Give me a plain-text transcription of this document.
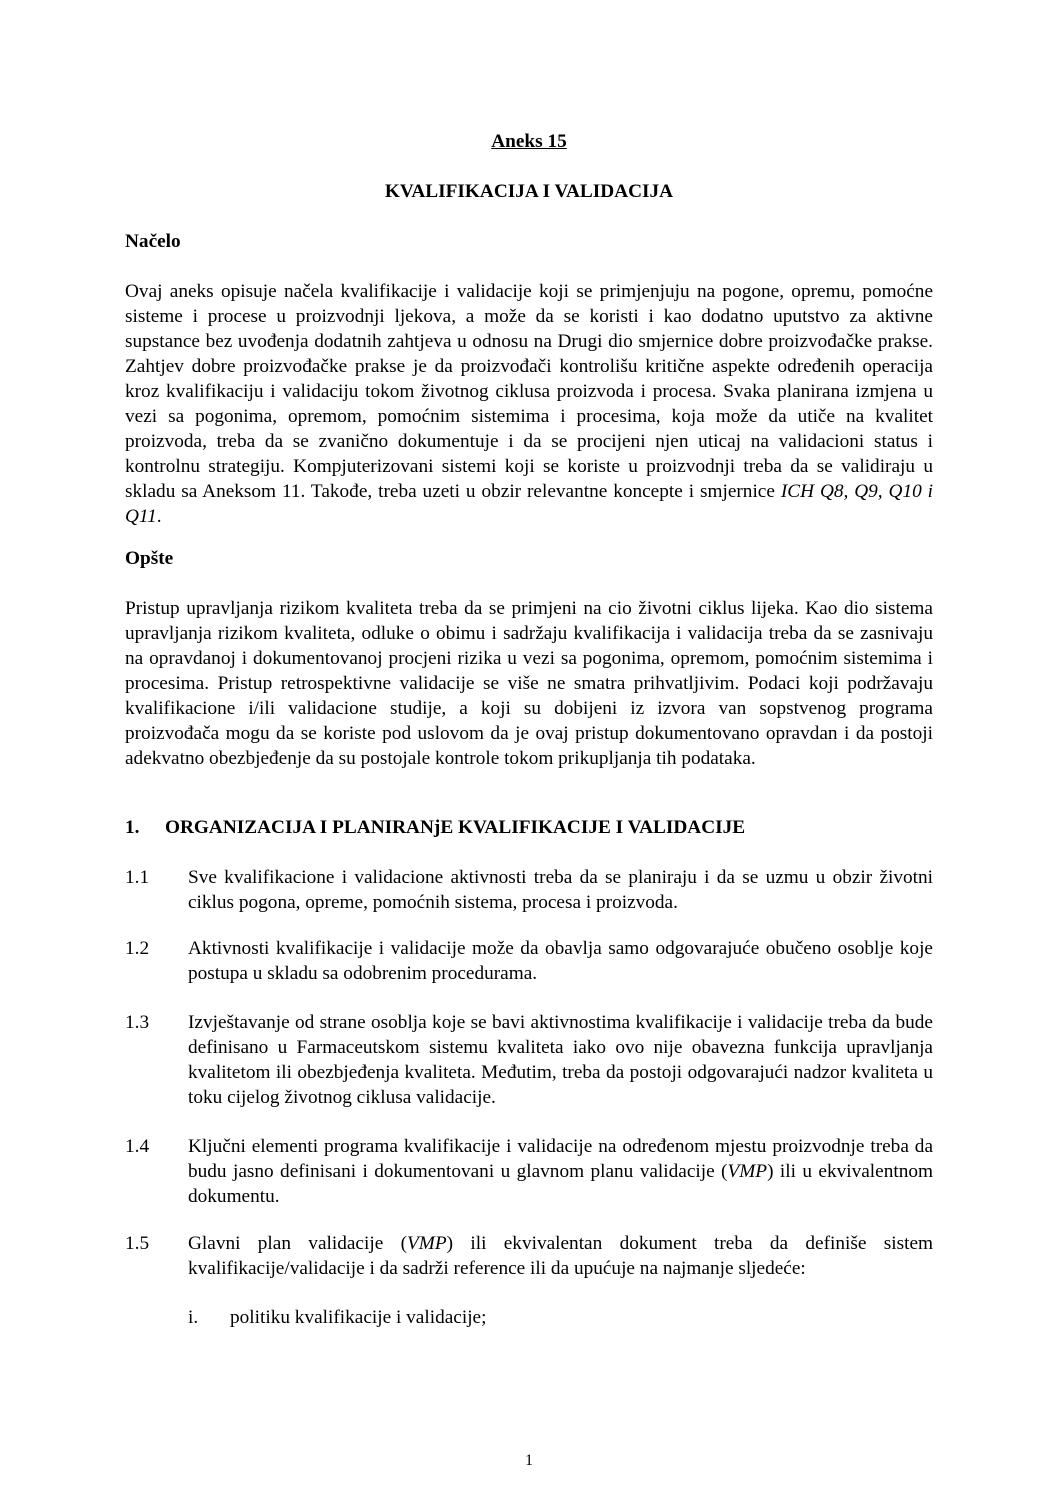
Aneks 15
KVALIFIKACIJA I VALIDACIJA
Načelo
Ovaj aneks opisuje načela kvalifikacije i validacije koji se primjenjuju na pogone, opremu, pomoćne sisteme i procese u proizvodnji ljekova, a može da se koristi i kao dodatno uputstvo za aktivne supstance bez uvođenja dodatnih zahtjeva u odnosu na Drugi dio smjernice dobre proizvođačke prakse. Zahtjev dobre proizvođačke prakse je da proizvođači kontrolišu kritične aspekte određenih operacija kroz kvalifikaciju i validaciju tokom životnog ciklusa proizvoda i procesa. Svaka planirana izmjena u vezi sa pogonima, opremom, pomoćnim sistemima i procesima, koja može da utiče na kvalitet proizvoda, treba da se zvanično dokumentuje i da se procijeni njen uticaj na validacioni status i kontrolnu strategiju. Kompjuterizovani sistemi koji se koriste u proizvodnji treba da se validiraju u skladu sa Aneksom 11. Takođe, treba uzeti u obzir relevantne koncepte i smjernice ICH Q8, Q9, Q10 i Q11.
Opšte
Pristup upravljanja rizikom kvaliteta treba da se primjeni na cio životni ciklus lijeka. Kao dio sistema upravljanja rizikom kvaliteta, odluke o obimu i sadržaju kvalifikacija i validacija treba da se zasnivaju na opravdanoj i dokumentovanoj procjeni rizika u vezi sa pogonima, opremom, pomoćnim sistemima i procesima. Pristup retrospektivne validacije se više ne smatra prihvatljivim. Podaci koji podržavaju kvalifikacione i/ili validacione studije, a koji su dobijeni iz izvora van sopstvenog programa proizvođača mogu da se koriste pod uslovom da je ovaj pristup dokumentovano opravdan i da postoji adekvatno obezbjeđenje da su postojale kontrole tokom prikupljanja tih podataka.
1. ORGANIZACIJA I PLANIRANjE KVALIFIKACIJE I VALIDACIJE
1.1 Sve kvalifikacione i validacione aktivnosti treba da se planiraju i da se uzmu u obzir životni ciklus pogona, opreme, pomoćnih sistema, procesa i proizvoda.
1.2 Aktivnosti kvalifikacije i validacije može da obavlja samo odgovarajuće obučeno osoblje koje postupa u skladu sa odobrenim procedurama.
1.3 Izvještavanje od strane osoblja koje se bavi aktivnostima kvalifikacije i validacije treba da bude definisano u Farmaceutskom sistemu kvaliteta iako ovo nije obavezna funkcija upravljanja kvalitetom ili obezbjeđenja kvaliteta. Međutim, treba da postoji odgovarajući nadzor kvaliteta u toku cijelog životnog ciklusa validacije.
1.4 Ključni elementi programa kvalifikacije i validacije na određenom mjestu proizvodnje treba da budu jasno definisani i dokumentovani u glavnom planu validacije (VMP) ili u ekvivalentnom dokumentu.
1.5 Glavni plan validacije (VMP) ili ekvivalentan dokument treba da definiše sistem kvalifikacije/validacije i da sadrži reference ili da upućuje na najmanje sljedeće:
i. politiku kvalifikacije i validacije;
1
